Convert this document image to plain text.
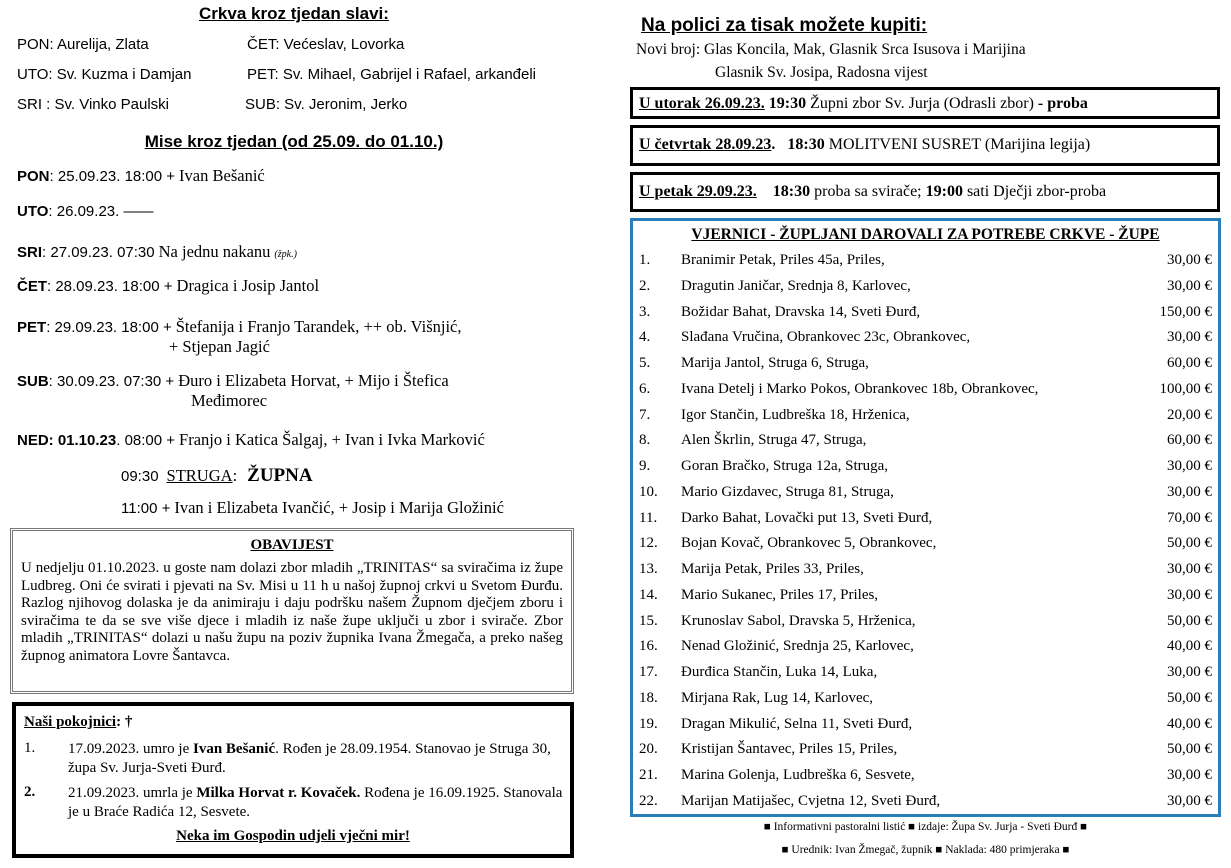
Crkva kroz tjedan slavi:
PON: Aurelija, Zlata	ČET: Većeslav, Lovorka
UTO: Sv. Kuzma i Damjan	PET: Sv. Mihael, Gabrijel i Rafael, arkanđeli
SRI : Sv. Vinko Paulski	SUB: Sv. Jeronim, Jerko
Mise kroz tjedan (od 25.09. do 01.10.)
PON: 25.09.23. 18:00 + Ivan Bešanić
UTO: 26.09.23. ——
SRI: 27.09.23. 07:30 Na jednu nakanu (žpk.)
ČET: 28.09.23. 18:00 + Dragica i Josip Jantol
PET: 29.09.23. 18:00 + Štefanija i Franjo Tarandek, ++ ob. Višnjić,
+ Stjepan Jagić
SUB: 30.09.23. 07:30 + Đuro i Elizabeta Horvat, + Mijo i Štefica
Međimorec
NED: 01.10.23. 08:00 + Franjo i Katica Šalgaj, + Ivan i Ivka Marković
09:30 STRUGA: ŽUPNA
11:00 + Ivan i Elizabeta Ivančić, + Josip i Marija Gložinić
OBAVIJEST

U nedjelju 01.10.2023. u goste nam dolazi zbor mladih „TRINITAS“ sa sviračima iz župe Ludbreg. Oni će svirati i pjevati na Sv. Misi u 11 h u našoj župnoj crkvi u Svetom Đurđu. Razlog njihovog dolaska je da animiraju i daju podršku našem Župnom dječjem zboru i sviračima te da se sve više djece i mladih iz naše župe uključi u zbor i svirače. Zbor mladih „TRINITAS“ dolazi u našu župu na poziv župnika Ivana Žmegača, a preko našeg župnog animatora Lovre Šantavca.

Naši pokojnici: †
1. 17.09.2023. umro je Ivan Bešanić. Rođen je 28.09.1954. Stanovao je Struga 30, župa Sv. Jurja-Sveti Đurđ.
2. 21.09.2023. umrla je Milka Horvat r. Kovaček. Rođena je 16.09.1925. Stanovala je u Braće Radića 12, Sesvete.
Neka im Gospodin udjeli vječni mir!
Na polici za tisak možete kupiti:
Novi broj: Glas Koncila, Mak, Glasnik Srca Isusova i Marijina
Glasnik Sv. Josipa, Radosna vijest
U utorak 26.09.23. 19:30 Župni zbor Sv. Jurja (Odrasli zbor) - proba
U četvrtak 28.09.23. 18:30 MOLITVENI SUSRET (Marijina legija)
U petak 29.09.23. 18:30 proba sa sviračе; 19:00 sati Dječji zbor-proba
VJERNICI - ŽUPLJANI DAROVALI ZA POTREBE CRKVE - ŽUPE
1. Branimir Petak, Priles 45a, Priles,	30,00 €
2. Dragutin Janičar, Srednja 8, Karlovec,	30,00 €
3. Božidar Bahat, Dravska 14, Sveti Đurđ,	150,00 €
4. Slađana Vručina, Obrankovec 23c, Obrankovec,	30,00 €
5. Marija Jantol, Struga 6, Struga,	60,00 €
6. Ivana Detelj i Marko Pokos, Obrankovec 18b, Obrankovec,	100,00 €
7. Igor Stančin, Ludbreška 18, Hrženica,	20,00 €
8. Alen Škrlin, Struga 47, Struga,	60,00 €
9. Goran Bračko, Struga 12a, Struga,	30,00 €
10. Mario Gizdavec, Struga 81, Struga,	30,00 €
11. Darko Bahat, Lovački put 13, Sveti Đurđ,	70,00 €
12. Bojan Kovač, Obrankovec 5, Obrankovec,	50,00 €
13. Marija Petak, Priles 33, Priles,	30,00 €
14. Mario Sukanec, Priles 17, Priles,	30,00 €
15. Krunoslav Sabol, Dravska 5, Hrženica,	50,00 €
16. Nenad Gložinić, Srednja 25, Karlovec,	40,00 €
17. Đurđica Stančin, Luka 14, Luka,	30,00 €
18. Mirjana Rak, Lug 14, Karlovec,	50,00 €
19. Dragan Mikulić, Selna 11, Sveti Đurđ,	40,00 €
20. Kristijan Šantavec, Priles 15, Priles,	50,00 €
21. Marina Golenja, Ludbreška 6, Sesvete,	30,00 €
22. Marijan Matijašec, Cvjetna 12, Sveti Đurđ,	30,00 €
■ Informativni pastoralni listić ■ izdaje: Župa Sv. Jurja - Sveti Đurđ ■
■ Urednik: Ivan Žmegač, župnik ■ Naklada: 480 primjeraka ■
